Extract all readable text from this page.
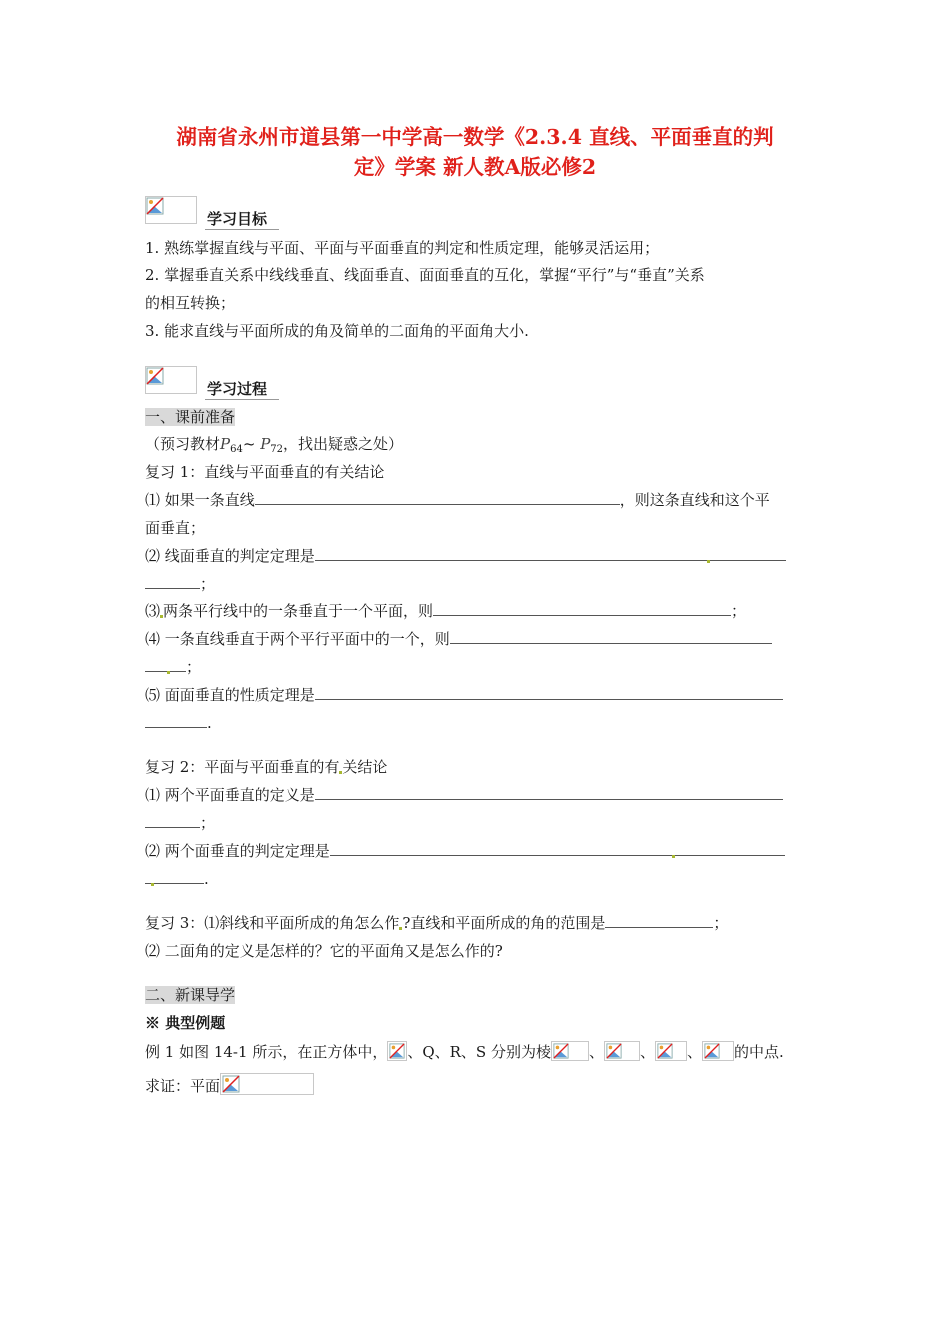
湖南省永州市道县第一中学高一数学《2.3.4 直线、平面垂直的判
定》学案 新人教A版必修2
学习目标
1. 熟练掌握直线与平面、平面与平面垂直的判定和性质定理，能够灵活运用；
2. 掌握垂直关系中线线垂直、线面垂直、面面垂直的互化，掌握“平行”与“垂直”关系
的相互转换；
3. 能求直线与平面所成的角及简单的二面角的平面角大小.
学习过程
一、课前准备
（预习教材$P_{64}\sim$ $P_{72}$，找出疑惑之处）
复习 1：直线与平面垂直的有关结论
⑴ 如果一条直线	，则这条直线和这个平
面垂直；
⑵ 线面垂直的判定定理是
；
⑶ 两条平行线中的一条垂直于一个平面，则	；
⑷ 一条直线垂直于两个平行平面中的一个，则
；
⑸ 面面垂直的性质定理是
.
复习 2：平面与平面垂直的有 关结论
⑴ 两个平面垂直的定义是
；
⑵ 两个面垂直的判定定理是
.
复习 3：⑴斜线和平面所成的角怎么作 ?直线和平面所成的角的范围是	；
⑵ 二面角的定义是怎样的？它的平面角又是怎么作的?
二、新课导学
※ 典型例题
例 1 如图 14-1 所示，在正方体中， 、Q、R、S 分别为棱	、 、 、 的中点.
求证：平面
